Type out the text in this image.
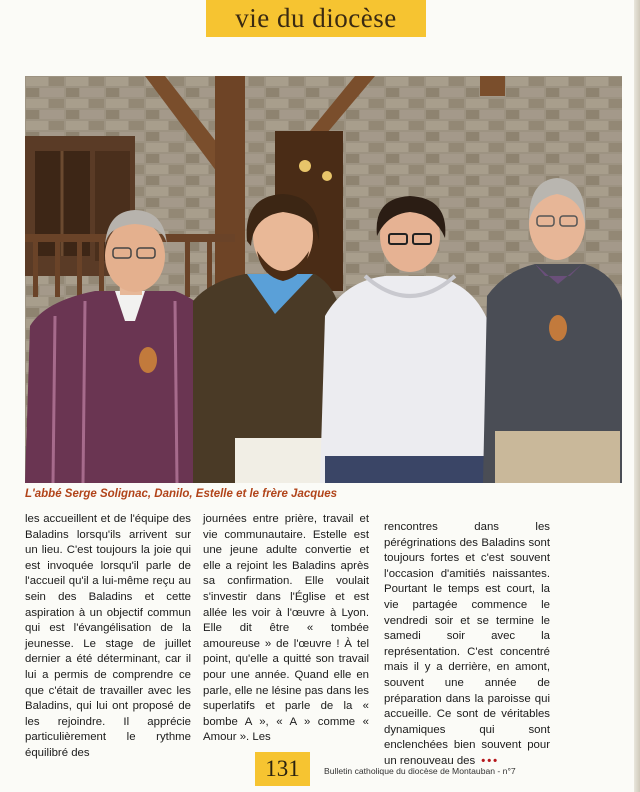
vie du diocèse
L'abbé Serge Solignac, Danilo, Estelle et le frère Jacques

les accueillent et de l'équipe des Baladins lorsqu'ils arrivent sur un lieu. C'est toujours la joie qui est invoquée lorsqu'il parle de l'accueil qu'il a lui-même reçu au sein des Baladins et cette aspiration à un objectif commun qui est l'évangélisation de la jeunesse. Le stage de juillet dernier a été déterminant, car il lui a permis de comprendre ce que c'était de travailler avec les Baladins, qui lui ont proposé de les rejoindre. Il apprécie particulièrement le rythme équilibré des

journées entre prière, travail et vie communautaire. Estelle est une jeune adulte convertie et elle a rejoint les Baladins après sa confirmation. Elle voulait s'investir dans l'Église et est allée les voir à l'œuvre à Lyon. Elle dit être « tombée amoureuse » de l'œuvre ! À tel point, qu'elle a quitté son travail pour une année. Quand elle en parle, elle ne lésine pas dans les superlatifs et parle de la « bombe A », « A » comme « Amour ». Les

rencontres dans les pérégrinations des Baladins sont toujours fortes et c'est souvent l'occasion d'amitiés naissantes. Pourtant le temps est court, la vie partagée commence le vendredi soir et se termine le samedi soir avec la représentation. C'est concentré mais il y a derrière, en amont, souvent une année de préparation dans la paroisse qui accueille. Ce sont de véritables dynamiques qui sont enclenchées bien souvent pour un renouveau des •••

131	Bulletin catholique du diocèse de Montauban - n°7
